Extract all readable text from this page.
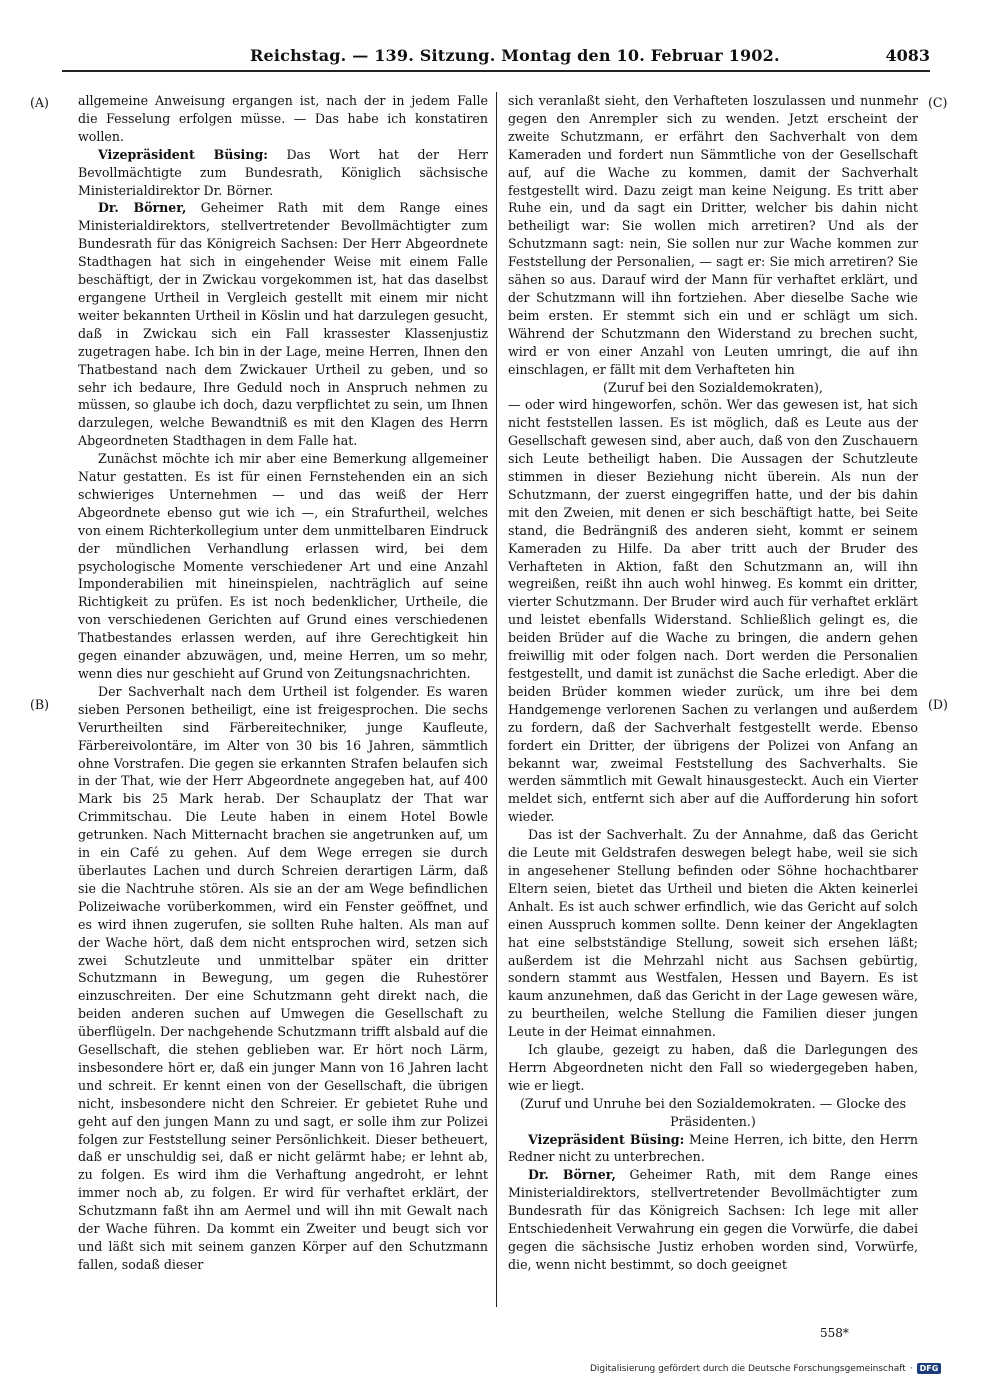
Reichstag. — 139. Sitzung. Montag den 10. Februar 1902.	4083
(A)
(B)
(C)
(D)

allgemeine Anweisung ergangen ist, nach der in jedem Falle die Fesselung erfolgen müsse. — Das habe ich konstatiren wollen.

Vizepräsident Büsing: Das Wort hat der Herr Bevollmächtigte zum Bundesrath, Königlich sächsische Ministerialdirektor Dr. Börner.

Dr. Börner, Geheimer Rath mit dem Range eines Ministerialdirektors, stellvertretender Bevollmächtigter zum Bundesrath für das Königreich Sachsen: Der Herr Abgeordnete Stadthagen hat sich in eingehender Weise mit einem Falle beschäftigt, der in Zwickau vorgekommen ist, hat das daselbst ergangene Urtheil in Vergleich gestellt mit einem mir nicht weiter bekannten Urtheil in Köslin und hat darzulegen gesucht, daß in Zwickau sich ein Fall krassester Klassenjustiz zugetragen habe. Ich bin in der Lage, meine Herren, Ihnen den Thatbestand nach dem Zwickauer Urtheil zu geben, und so sehr ich bedaure, Ihre Geduld noch in Anspruch nehmen zu müssen, so glaube ich doch, dazu verpflichtet zu sein, um Ihnen darzulegen, welche Bewandtniß es mit den Klagen des Herrn Abgeordneten Stadthagen in dem Falle hat.

Zunächst möchte ich mir aber eine Bemerkung allgemeiner Natur gestatten. Es ist für einen Fernstehenden ein an sich schwieriges Unternehmen — und das weiß der Herr Abgeordnete ebenso gut wie ich —, ein Strafurtheil, welches von einem Richterkollegium unter dem unmittelbaren Eindruck der mündlichen Verhandlung erlassen wird, bei dem psychologische Momente verschiedener Art und eine Anzahl Imponderabilien mit hineinspielen, nachträglich auf seine Richtigkeit zu prüfen. Es ist noch bedenklicher, Urtheile, die von verschiedenen Gerichten auf Grund eines verschiedenen Thatbestandes erlassen werden, auf ihre Gerechtigkeit hin gegen einander abzuwägen, und, meine Herren, um so mehr, wenn dies nur geschieht auf Grund von Zeitungsnachrichten.

Der Sachverhalt nach dem Urtheil ist folgender. Es waren sieben Personen betheiligt, eine ist freigesprochen. Die sechs Verurtheilten sind Färbereitechniker, junge Kaufleute, Färbereivolontäre, im Alter von 30 bis 16 Jahren, sämmtlich ohne Vorstrafen. Die gegen sie erkannten Strafen belaufen sich in der That, wie der Herr Abgeordnete angegeben hat, auf 400 Mark bis 25 Mark herab. Der Schauplatz der That war Crimmitschau. Die Leute haben in einem Hotel Bowle getrunken. Nach Mitternacht brachen sie angetrunken auf, um in ein Café zu gehen. Auf dem Wege erregen sie durch überlautes Lachen und durch Schreien derartigen Lärm, daß sie die Nachtruhe stören. Als sie an der am Wege befindlichen Polizeiwache vorüberkommen, wird ein Fenster geöffnet, und es wird ihnen zugerufen, sie sollten Ruhe halten. Als man auf der Wache hört, daß dem nicht entsprochen wird, setzen sich zwei Schutzleute und unmittelbar später ein dritter Schutzmann in Bewegung, um gegen die Ruhestörer einzuschreiten. Der eine Schutzmann geht direkt nach, die beiden anderen suchen auf Umwegen die Gesellschaft zu überflügeln. Der nachgehende Schutzmann trifft alsbald auf die Gesellschaft, die stehen geblieben war. Er hört noch Lärm, insbesondere hört er, daß ein junger Mann von 16 Jahren lacht und schreit. Er kennt einen von der Gesellschaft, die übrigen nicht, insbesondere nicht den Schreier. Er gebietet Ruhe und geht auf den jungen Mann zu und sagt, er solle ihm zur Polizei folgen zur Feststellung seiner Persönlichkeit. Dieser betheuert, daß er unschuldig sei, daß er nicht gelärmt habe; er lehnt ab, zu folgen. Es wird ihm die Verhaftung angedroht, er lehnt immer noch ab, zu folgen. Er wird für verhaftet erklärt, der Schutzmann faßt ihn am Aermel und will ihn mit Gewalt nach der Wache führen. Da kommt ein Zweiter und beugt sich vor und läßt sich mit seinem ganzen Körper auf den Schutzmann fallen, sodaß dieser

sich veranlaßt sieht, den Verhafteten loszulassen und nunmehr gegen den Anrempler sich zu wenden. Jetzt erscheint der zweite Schutzmann, er erfährt den Sachverhalt von dem Kameraden und fordert nun Sämmtliche von der Gesellschaft auf, auf die Wache zu kommen, damit der Sachverhalt festgestellt wird. Dazu zeigt man keine Neigung. Es tritt aber Ruhe ein, und da sagt ein Dritter, welcher bis dahin nicht betheiligt war: Sie wollen mich arretiren? Und als der Schutzmann sagt: nein, Sie sollen nur zur Wache kommen zur Feststellung der Personalien, — sagt er: Sie mich arretiren? Sie sähen so aus. Darauf wird der Mann für verhaftet erklärt, und der Schutzmann will ihn fortziehen. Aber dieselbe Sache wie beim ersten. Er stemmt sich ein und er schlägt um sich. Während der Schutzmann den Widerstand zu brechen sucht, wird er von einer Anzahl von Leuten umringt, die auf ihn einschlagen, er fällt mit dem Verhafteten hin

(Zuruf bei den Sozialdemokraten),

— oder wird hingeworfen, schön. Wer das gewesen ist, hat sich nicht feststellen lassen. Es ist möglich, daß es Leute aus der Gesellschaft gewesen sind, aber auch, daß von den Zuschauern sich Leute betheiligt haben. Die Aussagen der Schutzleute stimmen in dieser Beziehung nicht überein. Als nun der Schutzmann, der zuerst eingegriffen hatte, und der bis dahin mit den Zweien, mit denen er sich beschäftigt hatte, bei Seite stand, die Bedrängniß des anderen sieht, kommt er seinem Kameraden zu Hilfe. Da aber tritt auch der Bruder des Verhafteten in Aktion, faßt den Schutzmann an, will ihn wegreißen, reißt ihn auch wohl hinweg. Es kommt ein dritter, vierter Schutzmann. Der Bruder wird auch für verhaftet erklärt und leistet ebenfalls Widerstand. Schließlich gelingt es, die beiden Brüder auf die Wache zu bringen, die andern gehen freiwillig mit oder folgen nach. Dort werden die Personalien festgestellt, und damit ist zunächst die Sache erledigt. Aber die beiden Brüder kommen wieder zurück, um ihre bei dem Handgemenge verlorenen Sachen zu verlangen und außerdem zu fordern, daß der Sachverhalt festgestellt werde. Ebenso fordert ein Dritter, der übrigens der Polizei von Anfang an bekannt war, zweimal Feststellung des Sachverhalts. Sie werden sämmtlich mit Gewalt hinausgesteckt. Auch ein Vierter meldet sich, entfernt sich aber auf die Aufforderung hin sofort wieder.

Das ist der Sachverhalt. Zu der Annahme, daß das Gericht die Leute mit Geldstrafen deswegen belegt habe, weil sie sich in angesehener Stellung befinden oder Söhne hochachtbarer Eltern seien, bietet das Urtheil und bieten die Akten keinerlei Anhalt. Es ist auch schwer erfindlich, wie das Gericht auf solch einen Ausspruch kommen sollte. Denn keiner der Angeklagten hat eine selbstständige Stellung, soweit sich ersehen läßt; außerdem ist die Mehrzahl nicht aus Sachsen gebürtig, sondern stammt aus Westfalen, Hessen und Bayern. Es ist kaum anzunehmen, daß das Gericht in der Lage gewesen wäre, zu beurtheilen, welche Stellung die Familien dieser jungen Leute in der Heimat einnahmen.

Ich glaube, gezeigt zu haben, daß die Darlegungen des Herrn Abgeordneten nicht den Fall so wiedergegeben haben, wie er liegt.

(Zuruf und Unruhe bei den Sozialdemokraten. — Glocke des Präsidenten.)

Vizepräsident Büsing: Meine Herren, ich bitte, den Herrn Redner nicht zu unterbrechen.

Dr. Börner, Geheimer Rath, mit dem Range eines Ministerialdirektors, stellvertretender Bevollmächtigter zum Bundesrath für das Königreich Sachsen: Ich lege mit aller Entschiedenheit Verwahrung ein gegen die Vorwürfe, die dabei gegen die sächsische Justiz erhoben worden sind, Vorwürfe, die, wenn nicht bestimmt, so doch geeignet

558*
Digitalisierung gefördert durch die Deutsche Forschungsgemeinschaft · DFG
